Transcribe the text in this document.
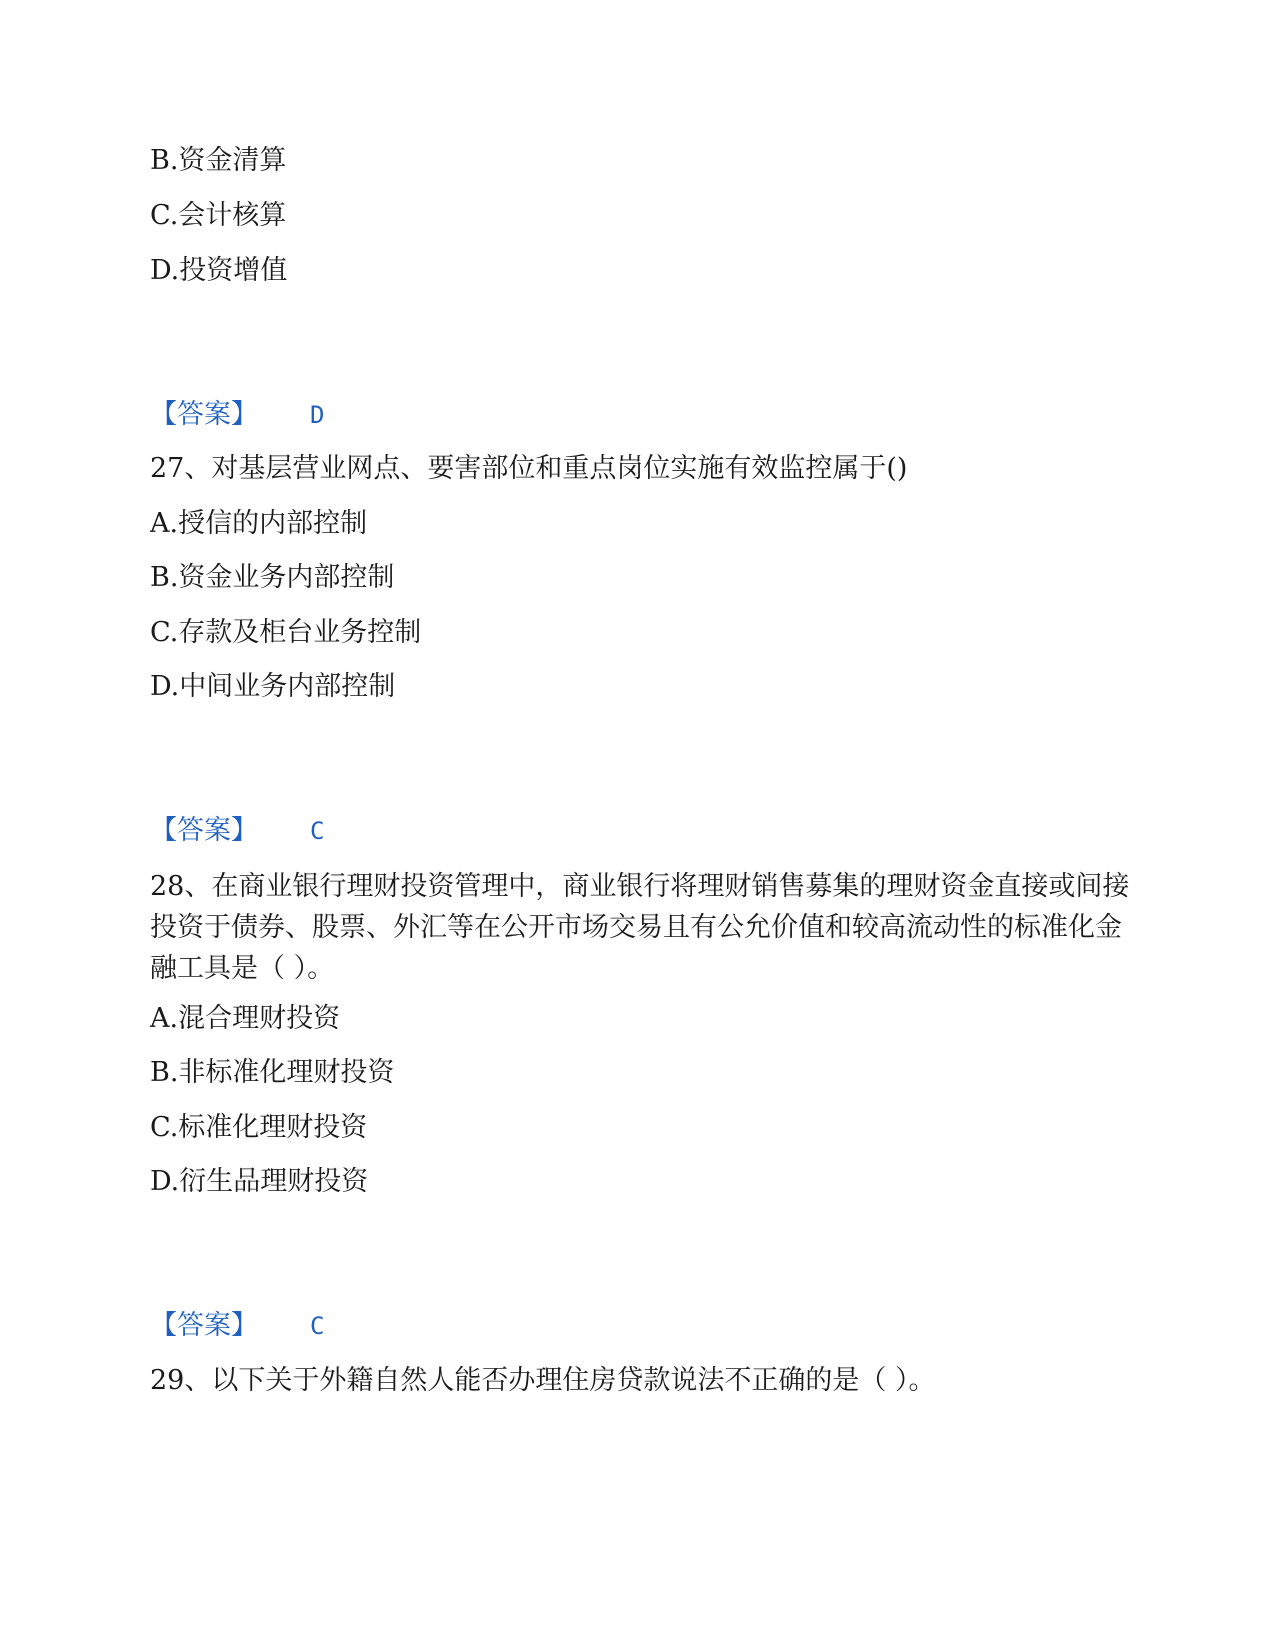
B.资金清算
C.会计核算
D.投资增值
【答案】 D
27、对基层营业网点、要害部位和重点岗位实施有效监控属于()
A.授信的内部控制
B.资金业务内部控制
C.存款及柜台业务控制
D.中间业务内部控制
【答案】 C
28、在商业银行理财投资管理中，商业银行将理财销售募集的理财资金直接或间接投资于债券、股票、外汇等在公开市场交易且有公允价值和较高流动性的标准化金融工具是（ ）。
A.混合理财投资
B.非标准化理财投资
C.标准化理财投资
D.衍生品理财投资
【答案】 C
29、以下关于外籍自然人能否办理住房贷款说法不正确的是（ ）。
